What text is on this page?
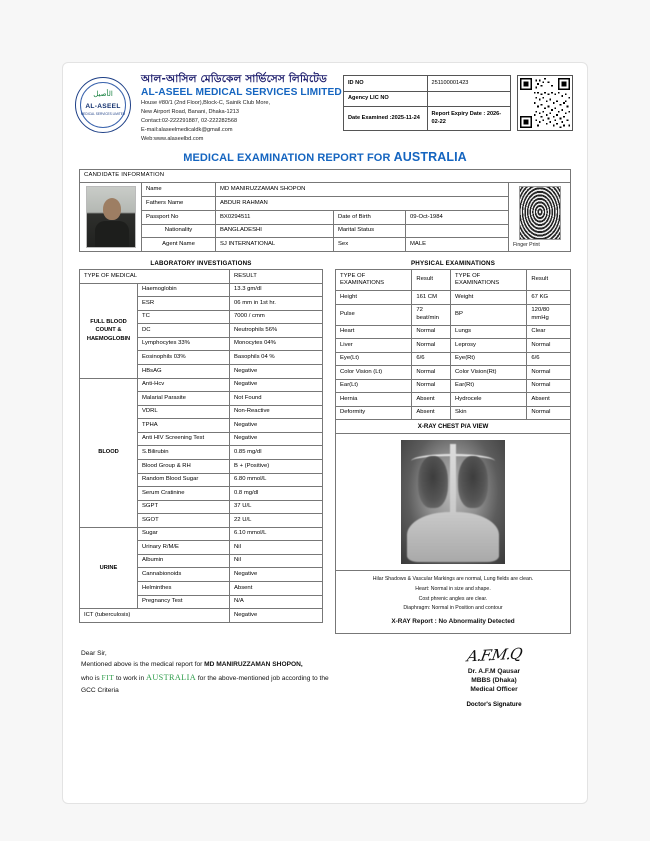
الأصيل
AL-ASEEL
MEDICAL SERVICES LIMITED
আল-আসিল মেডিকেল সার্ভিসেস লিমিটেড
AL-ASEEL MEDICAL SERVICES LIMITED
House #80/1 (2nd Floor),Block-C, Sainik Club More,
New Airport Road, Banani, Dhaka-1213
Contact:02-222291887, 02-222282568
E-mail:alaseelmedicaldk@gmail.com
Web:www.alaseelbd.com
ID NO	251100001423
Agency LIC NO	
Date Examined :2025-11-24	Report Expiry Date : 2026-02-22
MEDICAL EXAMINATION REPORT FOR AUSTRALIA
CANDIDATE INFORMATION					

	Name	MD MANIRUZZAMAN SHOPON			Finger Print

	Fathers Name	ABDUR RAHMAN			
	Passport No	BX0294511	Date of Birth	09-Oct-1984	
	Nationality	BANGLADESHI	Marital Status		
	Agent Name	SJ INTERNATIONAL	Sex	MALE	
LABORATORY INVESTIGATIONS
TYPE OF MEDICAL		RESULT
FULL BLOOD COUNT & HAEMOGLOBIN	Haemoglobin	13.3 gm/dl
	ESR	06 mm in 1st hr.
	TC	7000 / cmm
	DC	Neutrophils 56%
	Lymphocytes 33%	Monocytes 04%
	Eosinophils 03%	Basophils 04 %
	HBsAG	Negative
BLOOD	Anti-Hcv	Negative
	Malarial Parasite	Not Found
	VDRL	Non-Reactive
	TPHA	Negative
	Anti HIV Screening Test	Negative
	S.Bilirubin	0.85 mg/dl
	Blood Group & RH	B + (Positive)
	Random Blood Sugar	6.80 mmol/L
	Serum Cratinine	0.8 mg/dl
	SGPT	37 U/L
	SGOT	22 U/L
URINE	Sugar	6.10 mmol/L
	Urinary R/M/E	Nil
	Albumin	Nil
	Cannabionoids	Negative
	Helminthes	Absent
	Pregnancy Test	N/A
ICT (tuberculosis)		Negative
PHYSICAL EXAMINATIONS
TYPE OF EXAMINATIONS	Result	TYPE OF EXAMINATIONS	Result
Height	161 CM	Weight	67 KG
Pulse	72 beat/min	BP	120/80 mmHg
Heart	Normal	Lungs	Clear
Liver	Normal	Leprosy	Normal
Eye(Lt)	6/6	Eye(Rt)	6/6
Color Vision (Lt)	Normal	Color Vision(Rt)	Normal
Ear(Lt)	Normal	Ear(Rt)	Normal
Hernia	Absent	Hydrocele	Absent
Deformity	Absent	Skin	Normal
X-RAY CHEST P/A VIEW
Hilar Shadows & Vascular Markings are normal, Lung fields are clean.
Heart: Normal in size and shape.
Cost phrenic angles are clear.
Diaphragm: Normal in Position and contour
X-RAY Report : No Abnormality Detected
Dear Sir,
Mentioned above is the medical report for MD MANIRUZZAMAN SHOPON,
who is FIT to work in AUSTRALIA for the above-mentioned job according to the
GCC Criteria
A.F.M.Q
Dr. A.F.M Qausar
MBBS (Dhaka)
Medical Officer
Doctor's Signature
